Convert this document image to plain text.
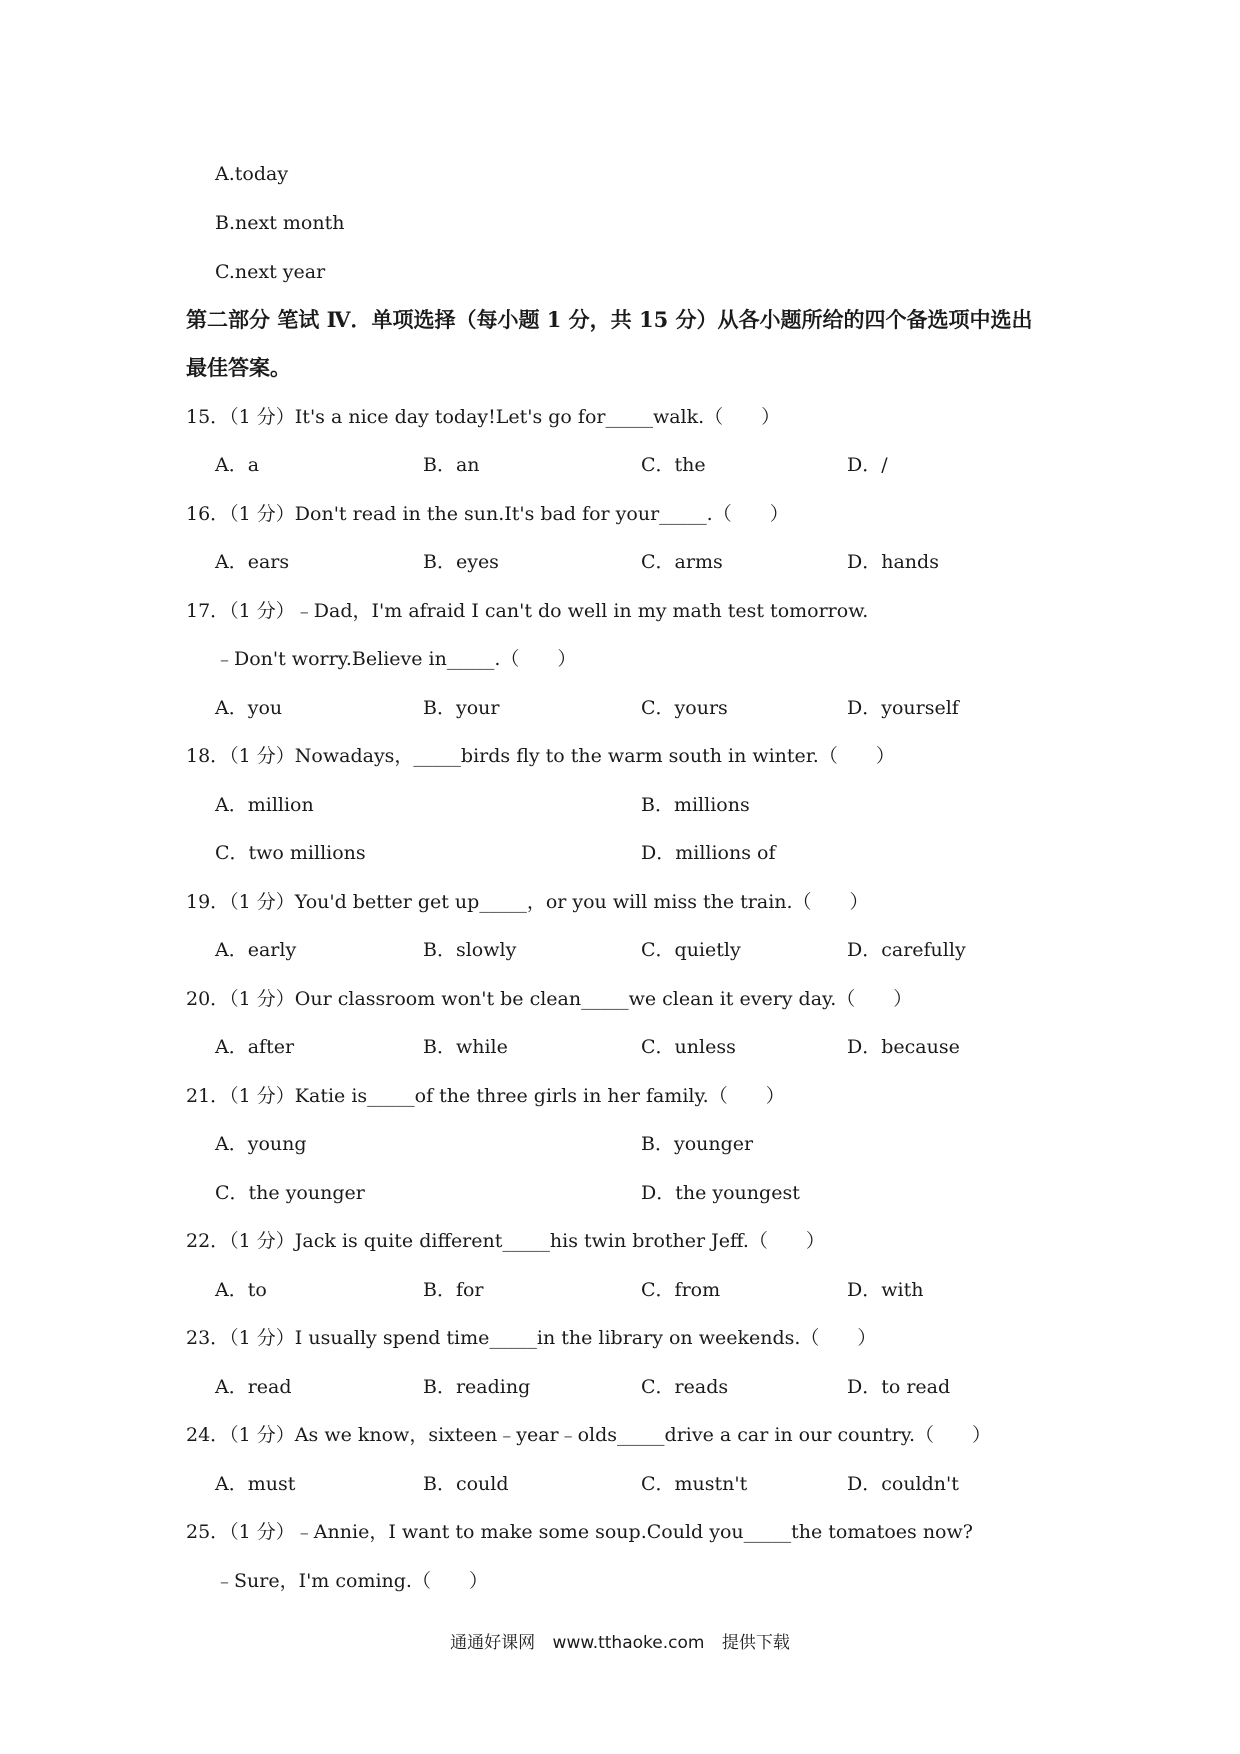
A.today
B.next month
C.next year
第二部分 笔试 Ⅳ．单项选择（每小题 1 分，共 15 分）从各小题所给的四个备选项中选出
最佳答案。
15．（1 分）It's a nice day today!Let's go for_____walk.（　　）
A．a	B．an	C．the	D．/
16．（1 分）Don't read in the sun.It's bad for your_____.（　　）
A．ears	B．eyes	C．arms	D．hands
17．（1 分）﹣Dad，I'm afraid I can't do well in my math test tomorrow.
﹣Don't worry.Believe in_____.（　　）
A．you	B．your	C．yours	D．yourself
18．（1 分）Nowadays，_____birds fly to the warm south in winter.（　　）
A．million	B．millions
C．two millions	D．millions of
19．（1 分）You'd better get up_____，or you will miss the train.（　　）
A．early	B．slowly	C．quietly	D．carefully
20．（1 分）Our classroom won't be clean_____we clean it every day.（　　）
A．after	B．while	C．unless	D．because
21．（1 分）Katie is_____of the three girls in her family.（　　）
A．young	B．younger
C．the younger	D．the youngest
22．（1 分）Jack is quite different_____his twin brother Jeff.（　　）
A．to	B．for	C．from	D．with
23．（1 分）I usually spend time_____in the library on weekends.（　　）
A．read	B．reading	C．reads	D．to read
24．（1 分）As we know，sixteen﹣year﹣olds_____drive a car in our country.（　　）
A．must	B．could	C．mustn't	D．couldn't
25．（1 分）﹣Annie，I want to make some soup.Could you_____the tomatoes now?
﹣Sure，I'm coming.（　　）
通通好课网 www.tthaoke.com 提供下载
